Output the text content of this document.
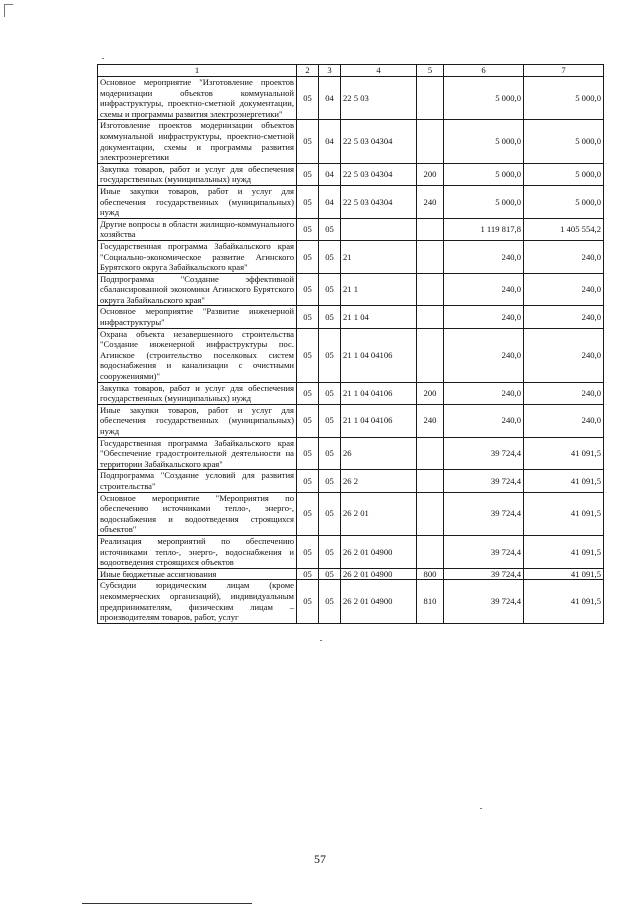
1	2	3	4	5	6	7
Основное мероприятие "Изготовление проектов модернизации объектов коммунальной инфраструктуры, проектно-сметной документации, схемы и программы развития электроэнергетики"	05	04	22 5 03		5 000,0	5 000,0
Изготовление проектов модернизации объектов коммунальной инфраструктуры, проектно-сметной документации, схемы и программы развития электроэнергетики	05	04	22 5 03 04304		5 000,0	5 000,0
Закупка товаров, работ и услуг для обеспечения государственных (муниципальных) нужд	05	04	22 5 03 04304	200	5 000,0	5 000,0
Иные закупки товаров, работ и услуг для обеспечения государственных (муниципальных) нужд	05	04	22 5 03 04304	240	5 000,0	5 000,0
Другие вопросы в области жилищно-коммунального хозяйства	05	05			1 119 817,8	1 405 554,2
Государственная программа Забайкальского края "Социально-экономическое развитие Агинского Бурятского округа Забайкальского края"	05	05	21		240,0	240,0
Подпрограмма "Создание эффективной сбалансированной экономики Агинского Бурятского округа Забайкальского края"	05	05	21 1		240,0	240,0
Основное мероприятие "Развитие инженерной инфраструктуры"	05	05	21 1 04		240,0	240,0
Охрана объекта незавершенного строительства "Создание инженерной инфраструктуры пос. Агинское (строительство поселковых систем водоснабжения и канализации с очистными сооружениями)"	05	05	21 1 04 04106		240,0	240,0
Закупка товаров, работ и услуг для обеспечения государственных (муниципальных) нужд	05	05	21 1 04 04106	200	240,0	240,0
Иные закупки товаров, работ и услуг для обеспечения государственных (муниципальных) нужд	05	05	21 1 04 04106	240	240,0	240,0
Государственная программа Забайкальского края "Обеспечение градостроительной деятельности на территории Забайкальского края"	05	05	26		39 724,4	41 091,5
Подпрограмма "Создание условий для развития строительства"	05	05	26 2		39 724,4	41 091,5
Основное мероприятие "Мероприятия по обеспечению источниками тепло-, энерго-, водоснабжения и водоотведения строящихся объектов"	05	05	26 2 01		39 724,4	41 091,5
Реализация мероприятий по обеспечению источниками тепло-, энерго-, водоснабжения и водоотведения строящихся объектов	05	05	26 2 01 04900		39 724,4	41 091,5
Иные бюджетные ассигнования	05	05	26 2 01 04900	800	39 724,4	41 091,5
Субсидии юридическим лицам (кроме некоммерческих организаций), индивидуальным предпринимателям, физическим лицам – производителям товаров, работ, услуг	05	05	26 2 01 04900	810	39 724,4	41 091,5
57
